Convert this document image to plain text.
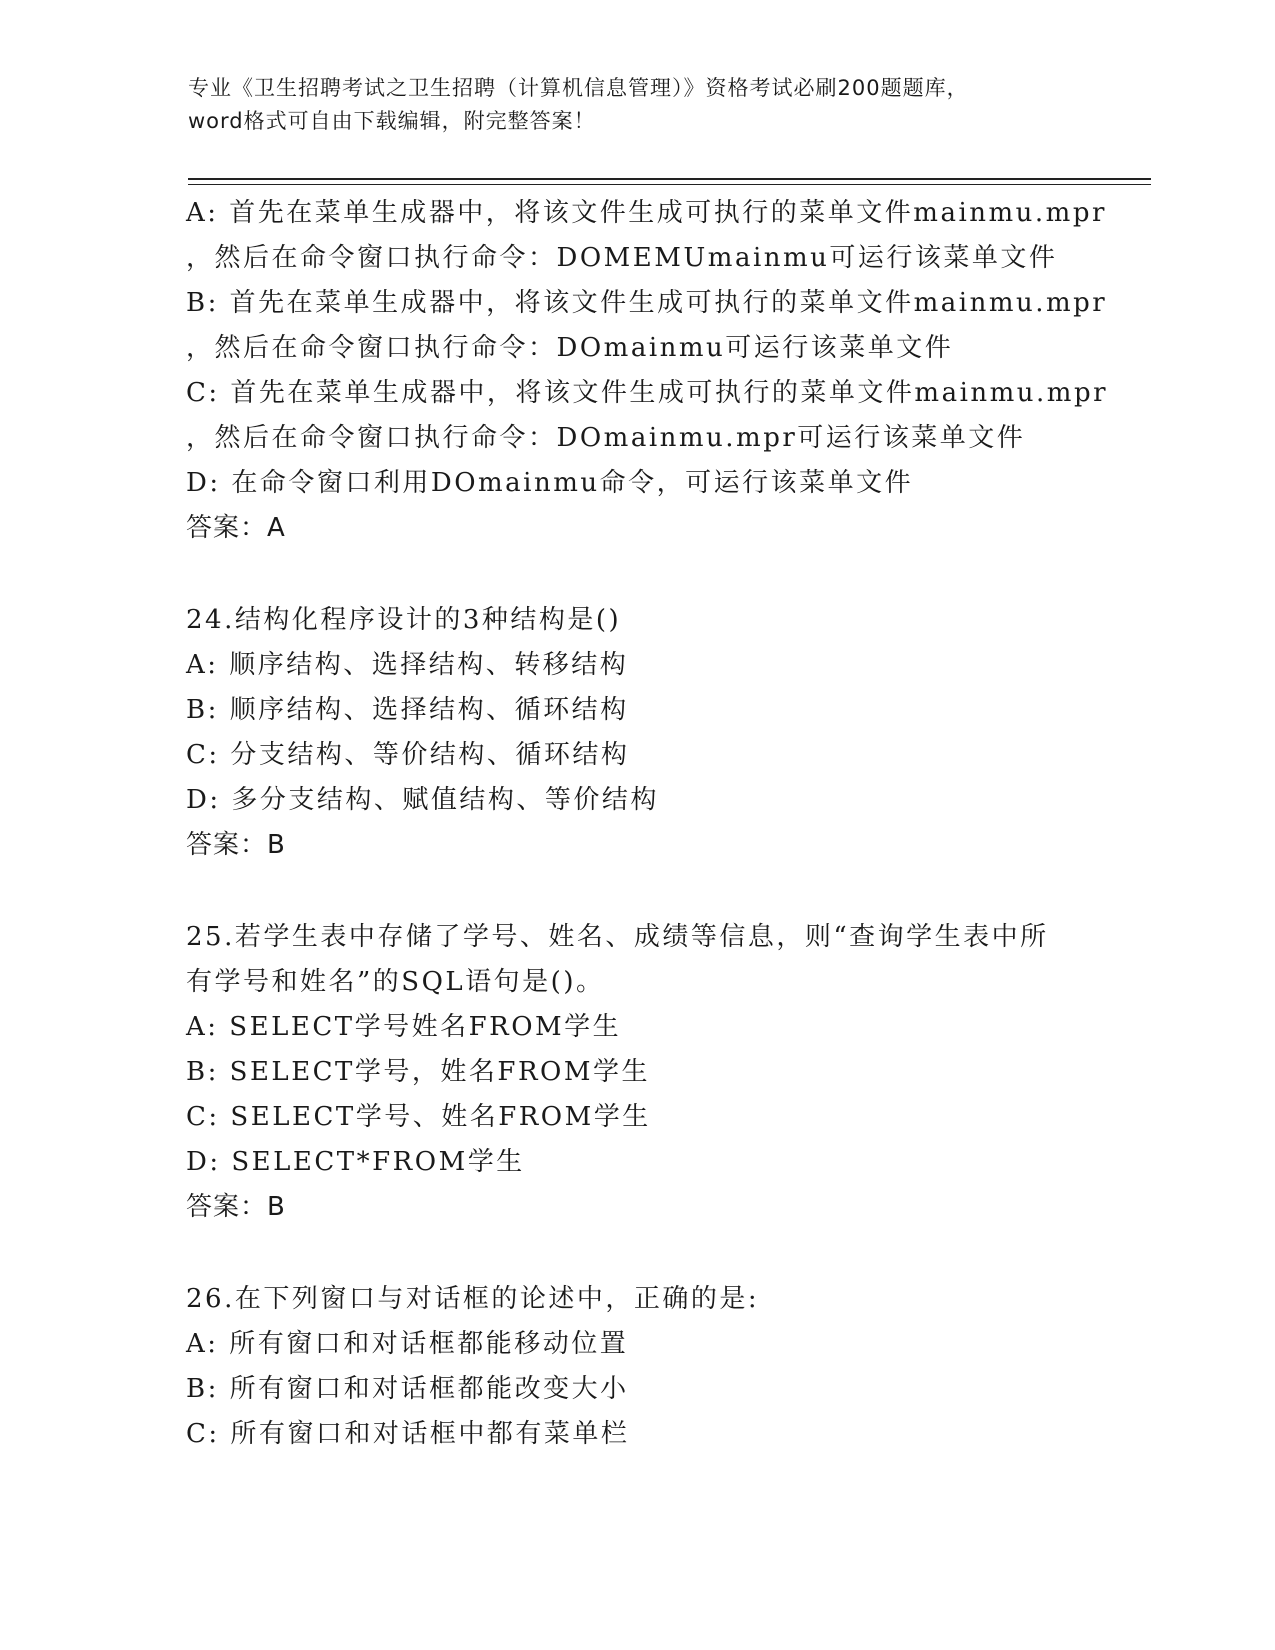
专业《卫生招聘考试之卫生招聘（计算机信息管理）》资格考试必刷200题题库，
word格式可自由下载编辑，附完整答案！
A: 首先在菜单生成器中，将该文件生成可执行的菜单文件mainmu.mpr
，然后在命令窗口执行命令：DOMEMUmainmu可运行该菜单文件
B: 首先在菜单生成器中，将该文件生成可执行的菜单文件mainmu.mpr
，然后在命令窗口执行命令：DOmainmu可运行该菜单文件
C: 首先在菜单生成器中，将该文件生成可执行的菜单文件mainmu.mpr
，然后在命令窗口执行命令：DOmainmu.mpr可运行该菜单文件
D: 在命令窗口利用DOmainmu命令，可运行该菜单文件
答案：A
24.结构化程序设计的3种结构是()
A: 顺序结构、选择结构、转移结构
B: 顺序结构、选择结构、循环结构
C: 分支结构、等价结构、循环结构
D: 多分支结构、赋值结构、等价结构
答案：B
25.若学生表中存储了学号、姓名、成绩等信息，则“查询学生表中所
有学号和姓名”的SQL语句是()。
A: SELECT学号姓名FROM学生
B: SELECT学号，姓名FROM学生
C: SELECT学号、姓名FROM学生
D: SELECT*FROM学生
答案：B
26.在下列窗口与对话框的论述中，正确的是:
A: 所有窗口和对话框都能移动位置
B: 所有窗口和对话框都能改变大小
C: 所有窗口和对话框中都有菜单栏
